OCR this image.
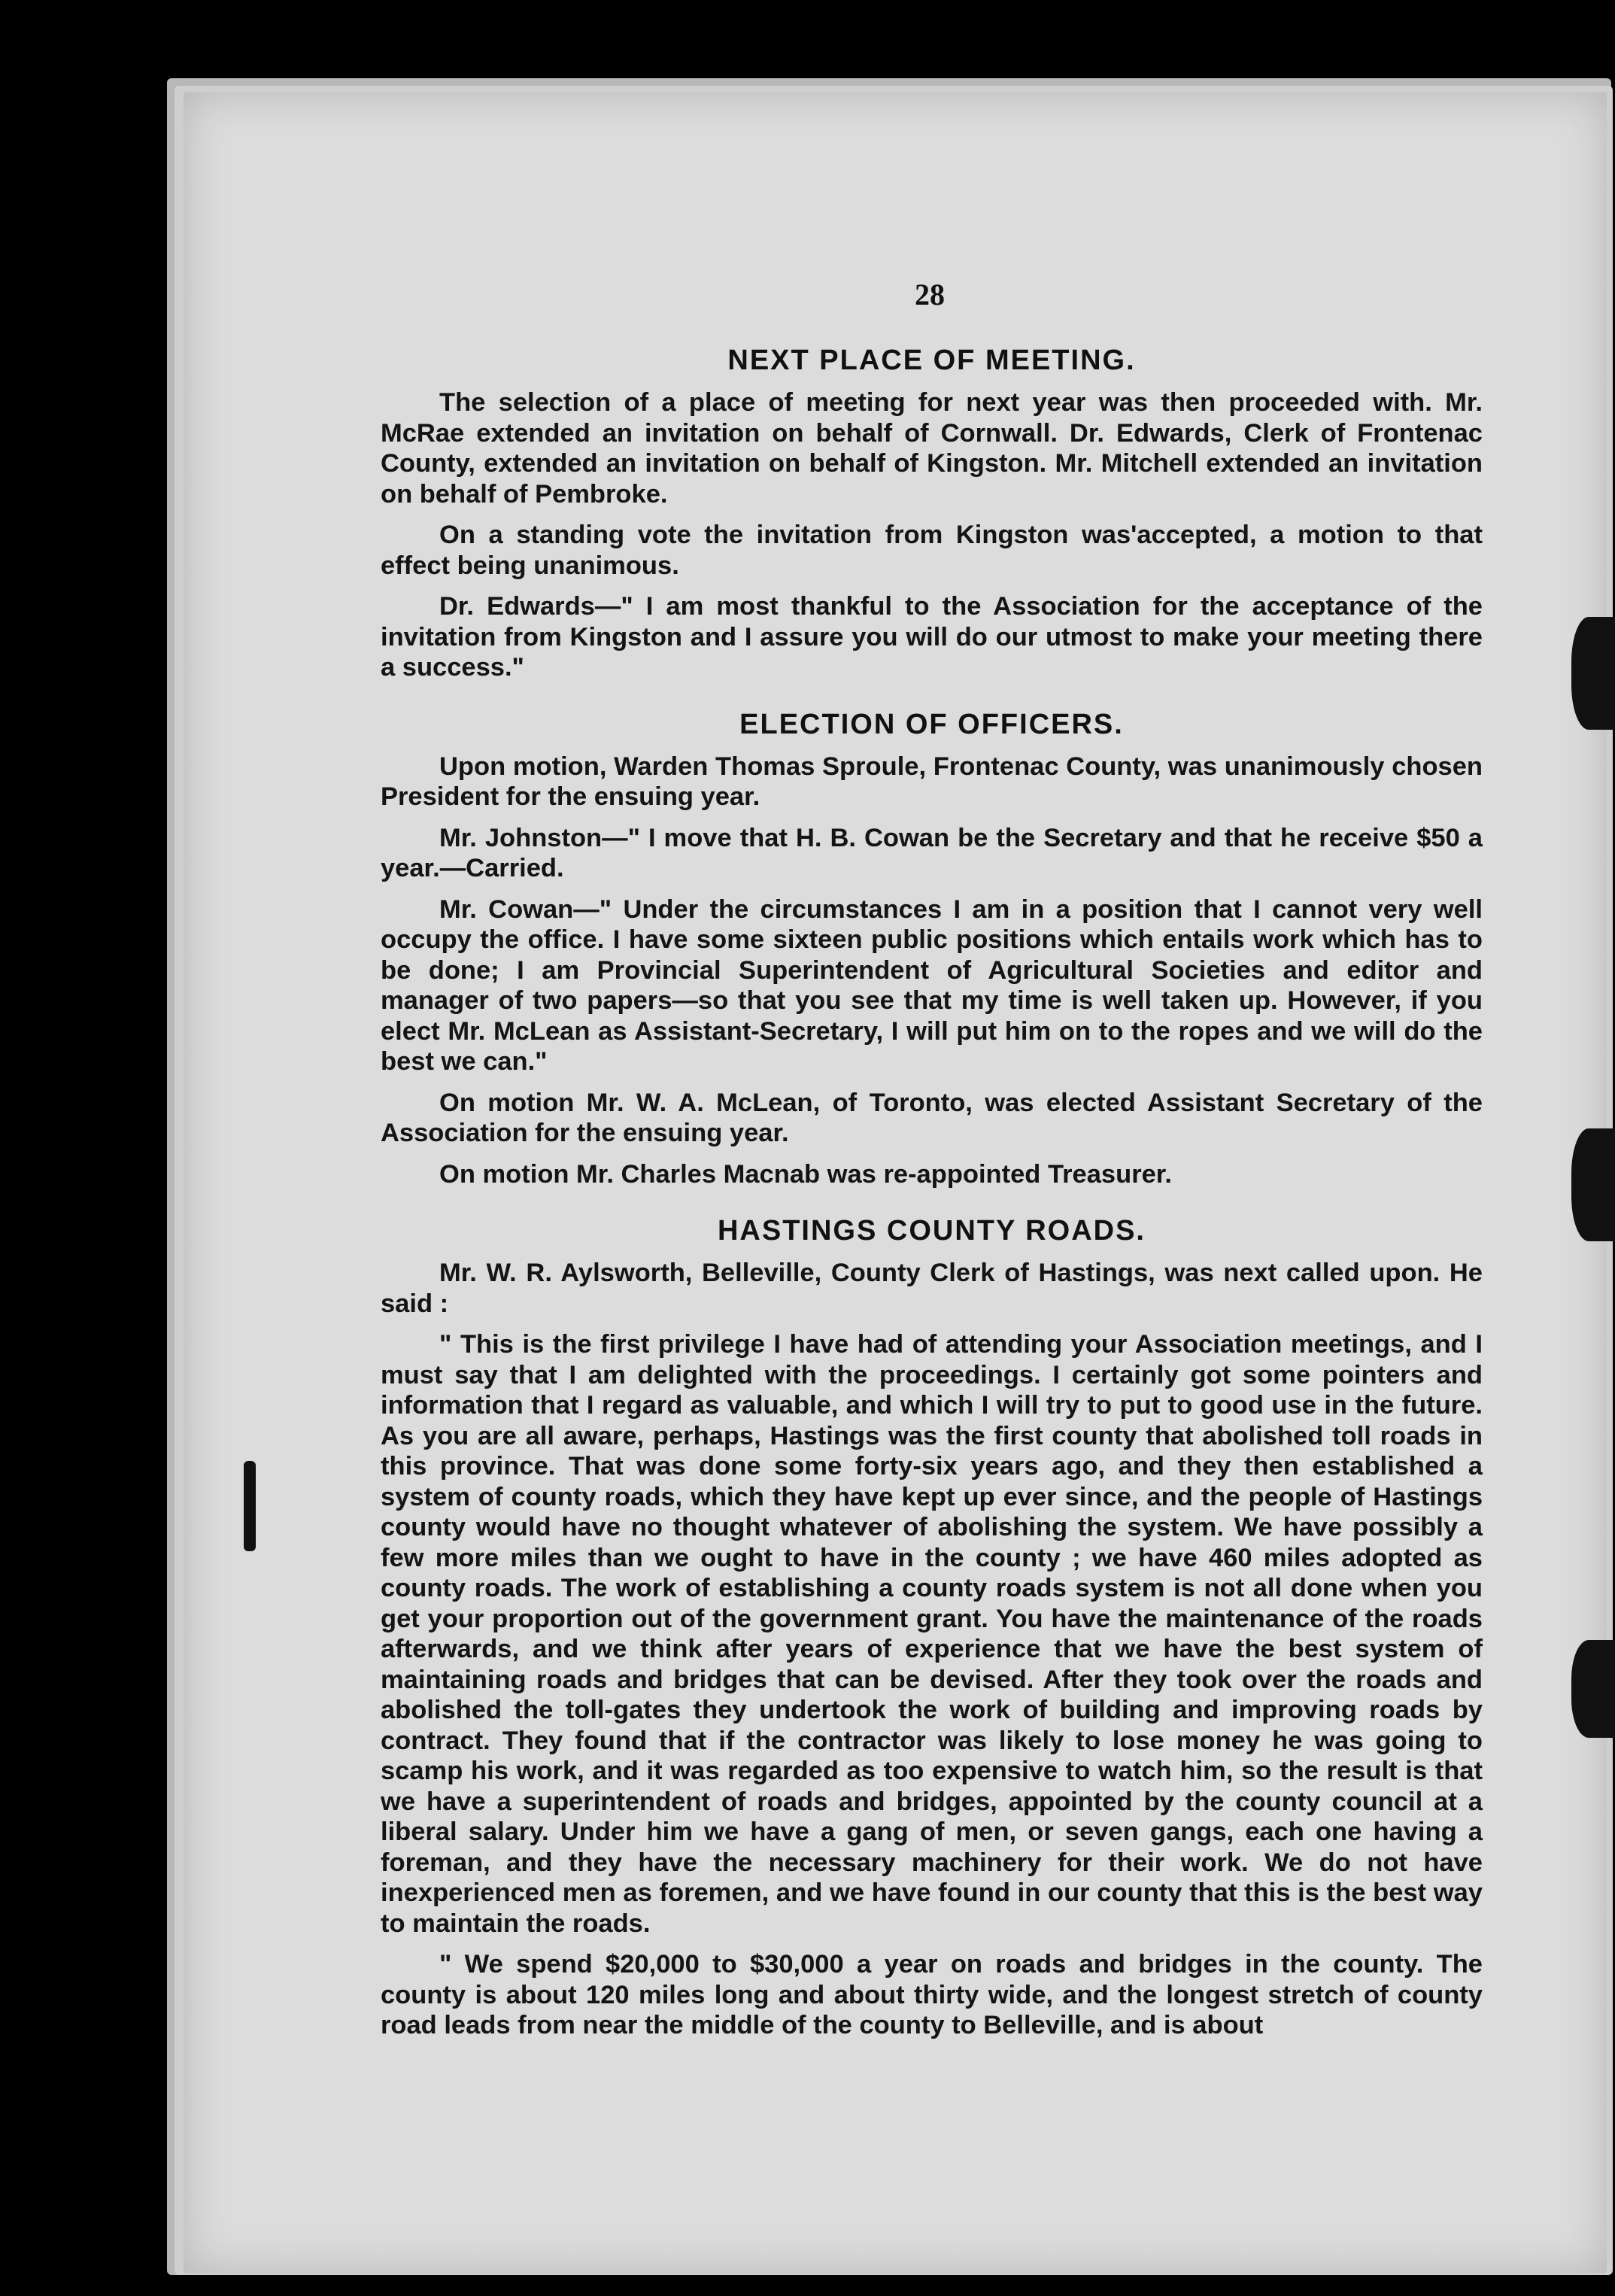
28
NEXT PLACE OF MEETING.

The selection of a place of meeting for next year was then proceeded with. Mr. McRae extended an invitation on behalf of Cornwall. Dr. Edwards, Clerk of Frontenac County, extended an invitation on behalf of Kingston. Mr. Mitchell extended an invitation on behalf of Pembroke.

On a standing vote the invitation from Kingston was'accepted, a motion to that effect being unanimous.

Dr. Edwards—" I am most thankful to the Association for the acceptance of the invitation from Kingston and I assure you will do our utmost to make your meeting there a success."

ELECTION OF OFFICERS.

Upon motion, Warden Thomas Sproule, Frontenac County, was unanimously chosen President for the ensuing year.

Mr. Johnston—" I move that H. B. Cowan be the Secretary and that he receive $50 a year.—Carried.

Mr. Cowan—" Under the circumstances I am in a position that I cannot very well occupy the office. I have some sixteen public positions which entails work which has to be done; I am Provincial Superintendent of Agricultural Societies and editor and manager of two papers—so that you see that my time is well taken up. However, if you elect Mr. McLean as Assistant-Secretary, I will put him on to the ropes and we will do the best we can."

On motion Mr. W. A. McLean, of Toronto, was elected Assistant Secretary of the Association for the ensuing year.

On motion Mr. Charles Macnab was re-appointed Treasurer.

HASTINGS COUNTY ROADS.

Mr. W. R. Aylsworth, Belleville, County Clerk of Hastings, was next called upon. He said :

" This is the first privilege I have had of attending your Association meetings, and I must say that I am delighted with the proceedings. I certainly got some pointers and information that I regard as valuable, and which I will try to put to good use in the future. As you are all aware, perhaps, Hastings was the first county that abolished toll roads in this province. That was done some forty-six years ago, and they then established a system of county roads, which they have kept up ever since, and the people of Hastings county would have no thought whatever of abolishing the system. We have possibly a few more miles than we ought to have in the county ; we have 460 miles adopted as county roads. The work of establishing a county roads system is not all done when you get your proportion out of the government grant. You have the maintenance of the roads afterwards, and we think after years of experience that we have the best system of maintaining roads and bridges that can be devised. After they took over the roads and abolished the toll-gates they undertook the work of building and improving roads by contract. They found that if the contractor was likely to lose money he was going to scamp his work, and it was regarded as too expensive to watch him, so the result is that we have a superintendent of roads and bridges, appointed by the county council at a liberal salary. Under him we have a gang of men, or seven gangs, each one having a foreman, and they have the necessary machinery for their work. We do not have inexperienced men as foremen, and we have found in our county that this is the best way to maintain the roads.

" We spend $20,000 to $30,000 a year on roads and bridges in the county. The county is about 120 miles long and about thirty wide, and the longest stretch of county road leads from near the middle of the county to Belleville, and is about
